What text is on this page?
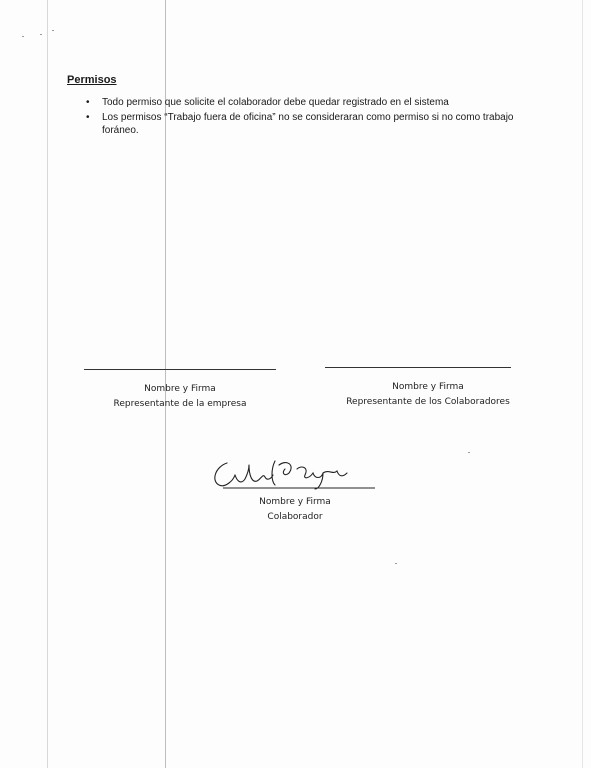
Permisos
• Todo permiso que solicite el colaborador debe quedar registrado en el sistema
• Los permisos “Trabajo fuera de oficina” no se consideraran como permiso si no como trabajo foráneo.
Nombre y Firma
Representante de la empresa
Nombre y Firma
Representante de los Colaboradores
Nombre y Firma
Colaborador
